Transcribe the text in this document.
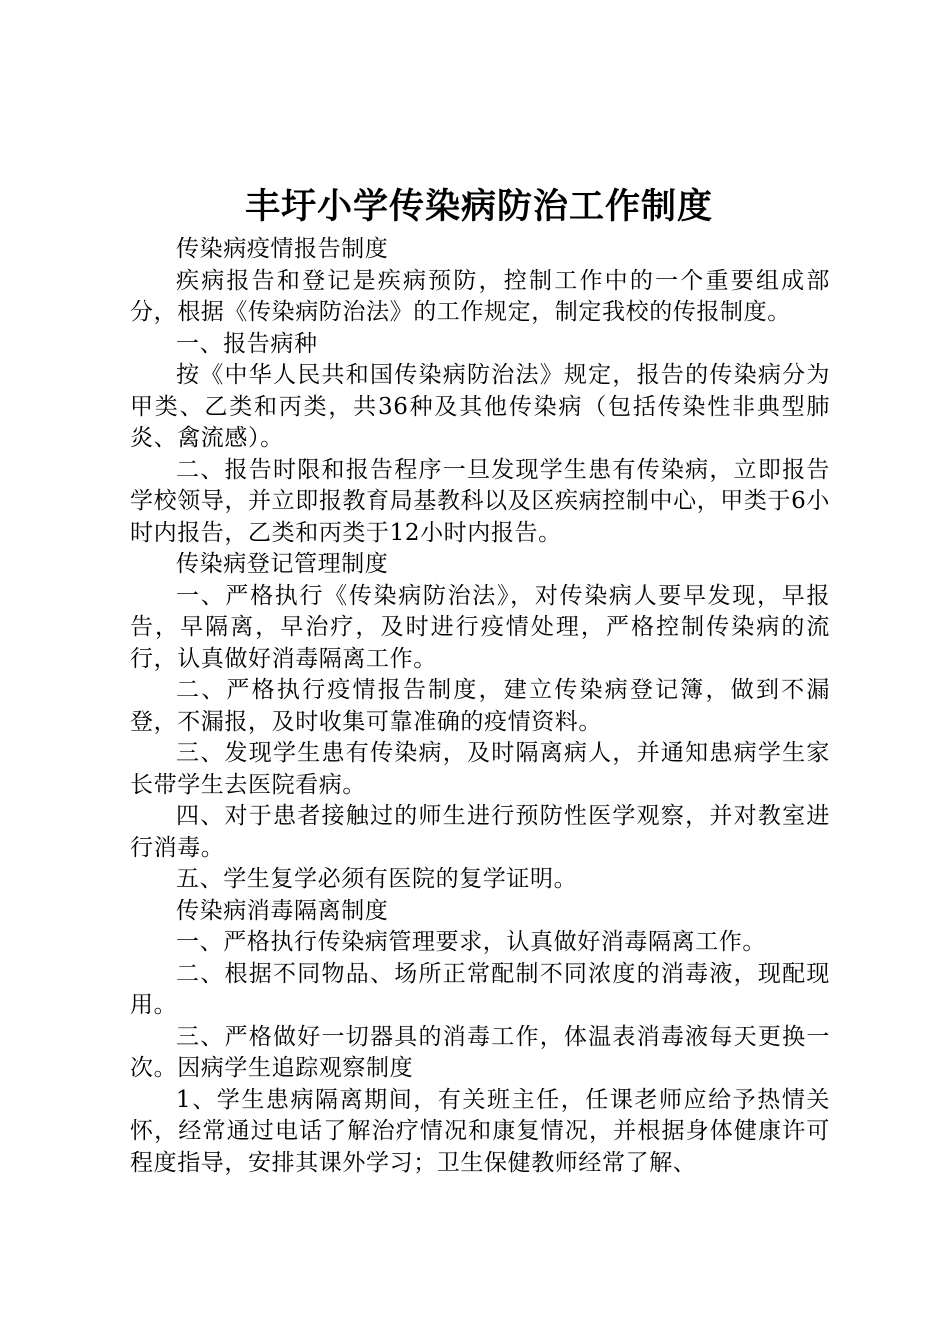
丰圩小学传染病防治工作制度

传染病疫情报告制度

疾病报告和登记是疾病预防，控制工作中的一个重要组成部分，根据《传染病防治法》的工作规定，制定我校的传报制度。

一、报告病种

按《中华人民共和国传染病防治法》规定，报告的传染病分为甲类、乙类和丙类，共36种及其他传染病（包括传染性非典型肺炎、禽流感）。

二、报告时限和报告程序一旦发现学生患有传染病，立即报告学校领导，并立即报教育局基教科以及区疾病控制中心，甲类于6小时内报告，乙类和丙类于12小时内报告。

传染病登记管理制度

一、严格执行《传染病防治法》，对传染病人要早发现，早报告，早隔离，早治疗，及时进行疫情处理，严格控制传染病的流行，认真做好消毒隔离工作。

二、严格执行疫情报告制度，建立传染病登记簿，做到不漏登，不漏报，及时收集可靠准确的疫情资料。

三、发现学生患有传染病，及时隔离病人，并通知患病学生家长带学生去医院看病。

四、对于患者接触过的师生进行预防性医学观察，并对教室进行消毒。

五、学生复学必须有医院的复学证明。

传染病消毒隔离制度

一、严格执行传染病管理要求，认真做好消毒隔离工作。

二、根据不同物品、场所正常配制不同浓度的消毒液，现配现用。

三、严格做好一切器具的消毒工作，体温表消毒液每天更换一次。因病学生追踪观察制度

1、学生患病隔离期间，有关班主任，任课老师应给予热情关怀，经常通过电话了解治疗情况和康复情况，并根据身体健康许可程度指导，安排其课外学习；卫生保健教师经常了解、
